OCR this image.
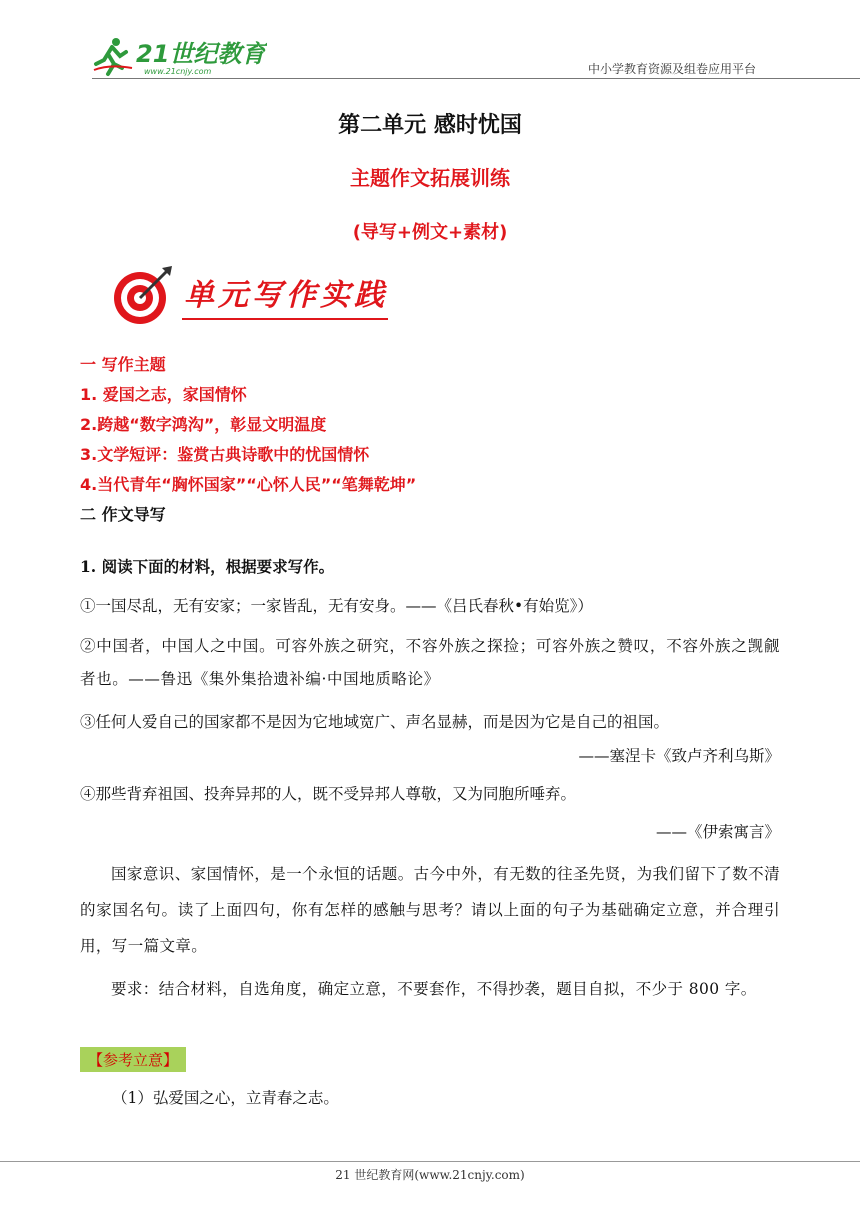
21世纪教育
www.21cnjy.com	中小学教育资源及组卷应用平台
第二单元 感时忧国
主题作文拓展训练
(导写+例文+素材)
单元写作实践
一 写作主题
1. 爱国之志，家国情怀
2.跨越“数字鸿沟”，彰显文明温度
3.文学短评：鉴赏古典诗歌中的忧国情怀
4.当代青年“胸怀国家”“心怀人民”“笔舞乾坤”
二 作文导写
1. 阅读下面的材料，根据要求写作。
①一国尽乱，无有安家；一家皆乱，无有安身。——《吕氏春秋•有始览》）
②中国者，中国人之中国。可容外族之研究，不容外族之探捡；可容外族之赞叹，不容外族之觊觎者也。——鲁迅《集外集拾遗补编·中国地质略论》
③任何人爱自己的国家都不是因为它地域宽广、声名显赫，而是因为它是自己的祖国。
——塞涅卡《致卢齐利乌斯》
④那些背弃祖国、投奔异邦的人，既不受异邦人尊敬，又为同胞所唾弃。
——《伊索寓言》
国家意识、家国情怀，是一个永恒的话题。古今中外，有无数的往圣先贤，为我们留下了数不清的家国名句。读了上面四句，你有怎样的感触与思考？请以上面的句子为基础确定立意，并合理引用，写一篇文章。
要求：结合材料，自选角度，确定立意，不要套作，不得抄袭，题目自拟，不少于 800 字。
【参考立意】
（1）弘爱国之心，立青春之志。
21 世纪教育网(www.21cnjy.com)
